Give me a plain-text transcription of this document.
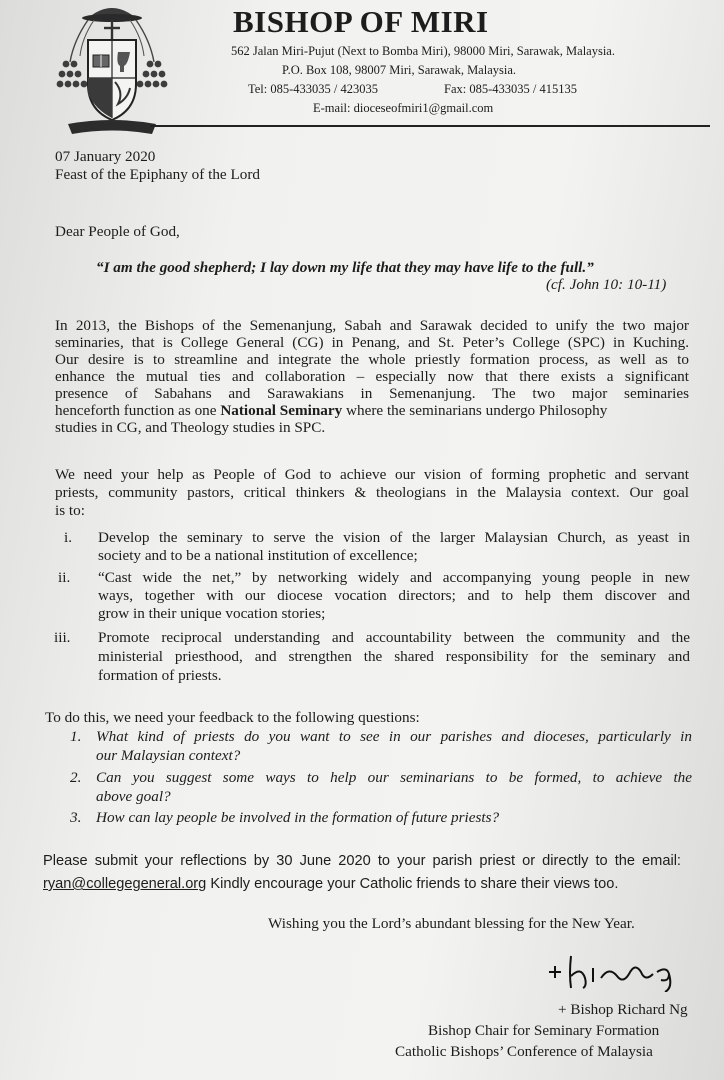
BISHOP OF MIRI
562 Jalan Miri-Pujut (Next to Bomba Miri), 98000 Miri, Sarawak, Malaysia.
P.O. Box 108, 98007 Miri, Sarawak, Malaysia.
Tel: 085-433035 / 423035	Fax: 085-433035 / 415135
E-mail: dioceseofmiri1@gmail.com
07 January 2020
Feast of the Epiphany of the Lord
Dear People of God,
“I am the good shepherd; I lay down my life that they may have life to the full.”
(cf. John 10: 10-11)
In 2013, the Bishops of the Semenanjung, Sabah and Sarawak decided to unify the two major
seminaries, that is College General (CG) in Penang, and St. Peter’s College (SPC) in Kuching.
Our desire is to streamline and integrate the whole priestly formation process, as well as to
enhance the mutual ties and collaboration – especially now that there exists a significant
presence of Sabahans and Sarawakians in Semenanjung. The two major seminaries
henceforth function as one National Seminary where the seminarians undergo Philosophy
studies in CG, and Theology studies in SPC.
We need your help as People of God to achieve our vision of forming prophetic and servant
priests, community pastors, critical thinkers & theologians in the Malaysia context. Our goal
is to:
i. Develop the seminary to serve the vision of the larger Malaysian Church, as yeast in
society and to be a national institution of excellence;
ii. “Cast wide the net,” by networking widely and accompanying young people in new
ways, together with our diocese vocation directors; and to help them discover and
grow in their unique vocation stories;
iii. Promote reciprocal understanding and accountability between the community and the
ministerial priesthood, and strengthen the shared responsibility for the seminary and
formation of priests.
To do this, we need your feedback to the following questions:
1. What kind of priests do you want to see in our parishes and dioceses, particularly in
our Malaysian context?
2. Can you suggest some ways to help our seminarians to be formed, to achieve the
above goal?
3. How can lay people be involved in the formation of future priests?
Please submit your reflections by 30 June 2020 to your parish priest or directly to the email:
ryan@collegegeneral.org Kindly encourage your Catholic friends to share their views too.
Wishing you the Lord’s abundant blessing for the New Year.
+ Bishop Richard Ng
Bishop Chair for Seminary Formation
Catholic Bishops’ Conference of Malaysia
